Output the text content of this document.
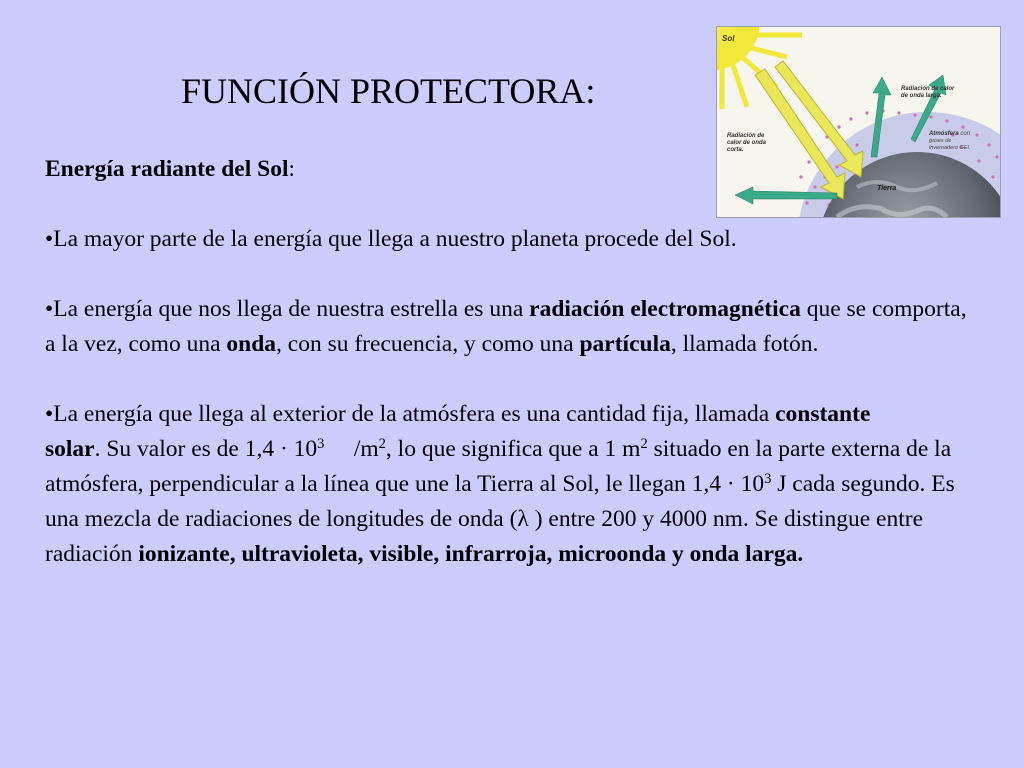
FUNCIÓN PROTECTORA:

Energía radiante del Sol:

•La mayor parte de la energía que llega a nuestro planeta procede del Sol.

•La energía que nos llega de nuestra estrella es una radiación electromagnética que se comporta, a la vez, como una onda, con su frecuencia, y como una partícula, llamada fotón.

•La energía que llega al exterior de la atmósfera es una cantidad fija, llamada constante solar. Su valor es de $1,4 \cdot 10^3$     $/m^2$, lo que significa que a 1 $m^2$ situado en la parte externa de la atmósfera, perpendicular a la línea que une la Tierra al Sol, le llegan $1,4 \cdot 10^3$ J cada segundo. Es una mezcla de radiaciones de longitudes de onda (λ ) entre 200 y 4000 nm. Se distingue entre radiación ionizante, ultravioleta, visible, infrarroja, microonda y onda larga.

Sol
Radiación de calor
de onda larga.
Radiación de
calor de onda
corta.
Atmósfera con
gases de
invernadero GEI.
Tierra
